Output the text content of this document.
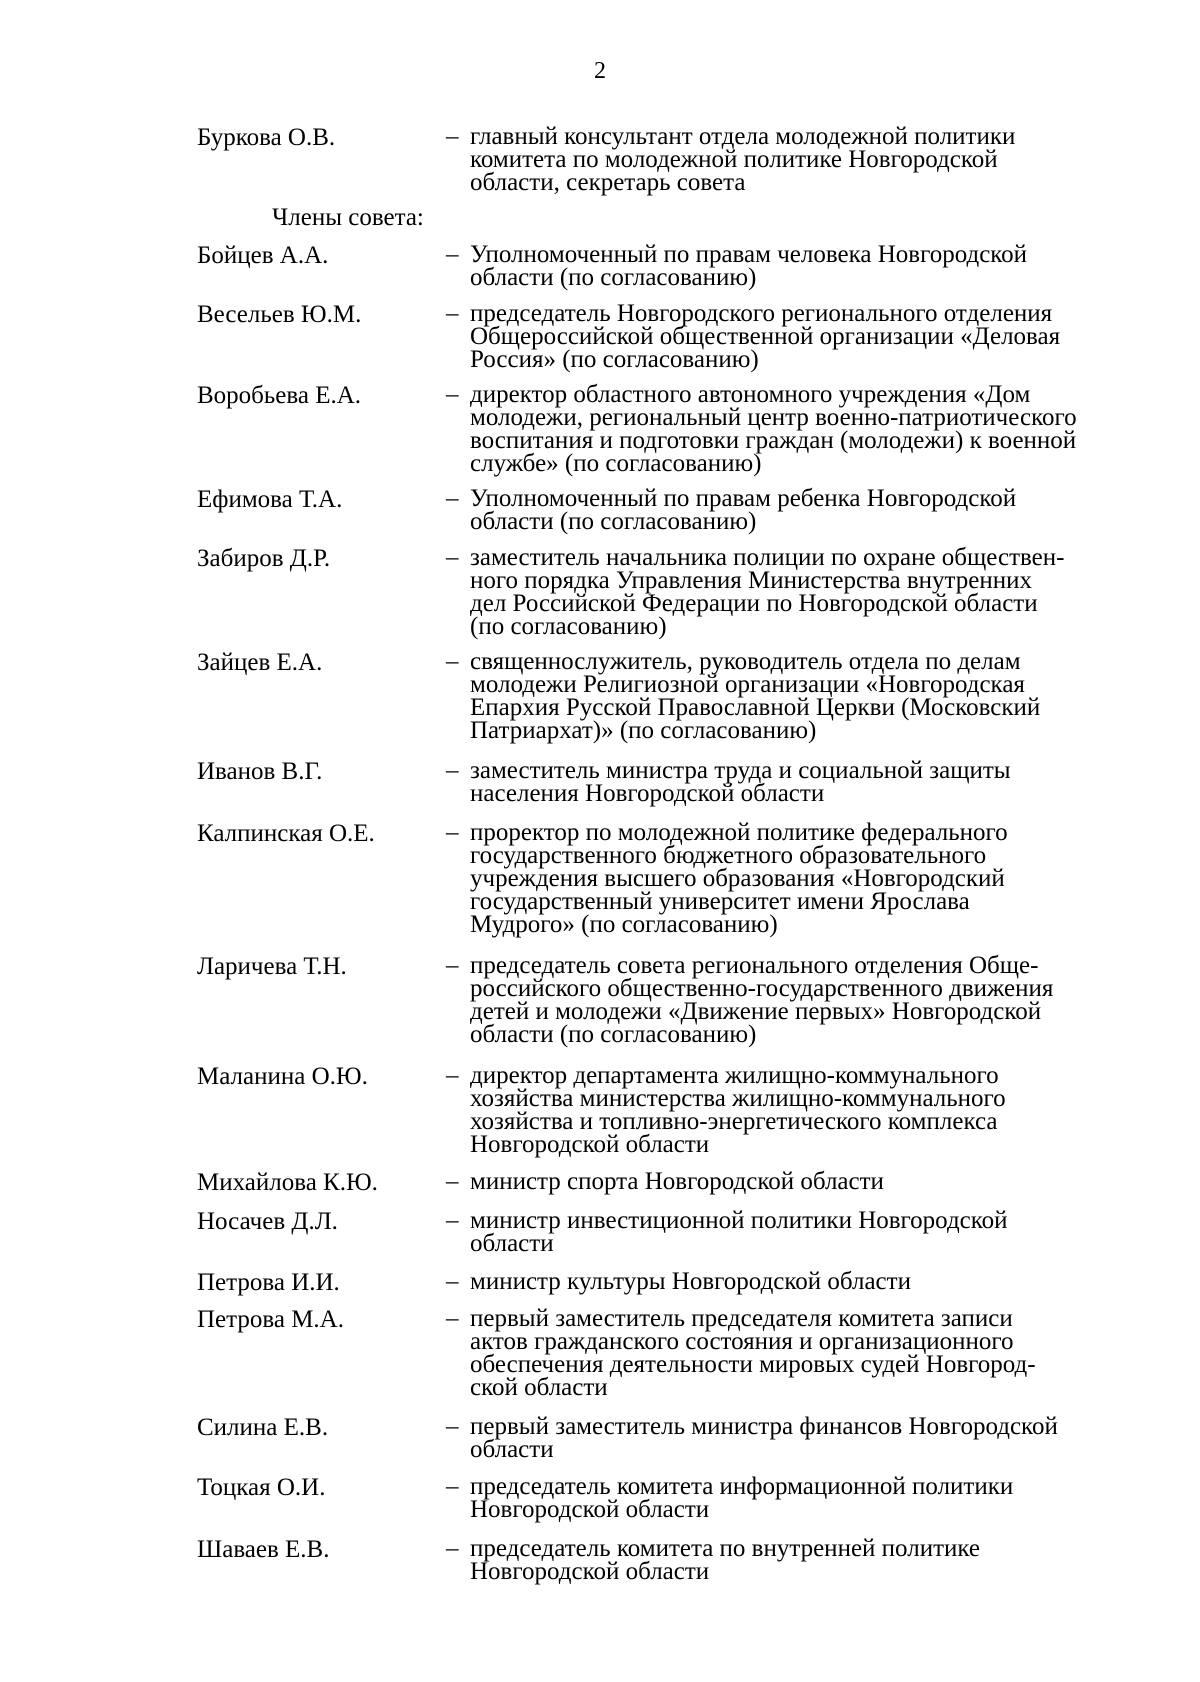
2
Буркова О.В.	– главный консультант отдела молодежной политики
комитета по молодежной политике Новгородской
области, секретарь совета
Члены совета:
Бойцев А.А.	– Уполномоченный по правам человека Новгородской
области (по согласованию)
Весельев Ю.М.	– председатель Новгородского регионального отделения
Общероссийской общественной организации «Деловая
Россия» (по согласованию)
Воробьева Е.А.	– директор областного автономного учреждения «Дом
молодежи, региональный центр военно-патриотического
воспитания и подготовки граждан (молодежи) к военной
службе» (по согласованию)
Ефимова Т.А.	– Уполномоченный по правам ребенка Новгородской
области (по согласованию)
Забиров Д.Р.	– заместитель начальника полиции по охране обществен-
ного порядка Управления Министерства внутренних
дел Российской Федерации по Новгородской области
(по согласованию)
Зайцев Е.А.	– священнослужитель, руководитель отдела по делам
молодежи Религиозной организации «Новгородская
Епархия Русской Православной Церкви (Московский
Патриархат)» (по согласованию)
Иванов В.Г.	– заместитель министра труда и социальной защиты
населения Новгородской области
Калпинская О.Е.	– проректор по молодежной политике федерального
государственного бюджетного образовательного
учреждения высшего образования «Новгородский
государственный университет имени Ярослава
Мудрого» (по согласованию)
Ларичева Т.Н.	– председатель совета регионального отделения Обще-
российского общественно-государственного движения
детей и молодежи «Движение первых» Новгородской
области (по согласованию)
Маланина О.Ю.	– директор департамента жилищно-коммунального
хозяйства министерства жилищно-коммунального
хозяйства и топливно-энергетического комплекса
Новгородской области
Михайлова К.Ю.	– министр спорта Новгородской области
Носачев Д.Л.	– министр инвестиционной политики Новгородской
области
Петрова И.И.	– министр культуры Новгородской области
Петрова М.А.	– первый заместитель председателя комитета записи
актов гражданского состояния и организационного
обеспечения деятельности мировых судей Новгород-
ской области
Силина Е.В.	– первый заместитель министра финансов Новгородской
области
Тоцкая О.И.	– председатель комитета информационной политики
Новгородской области
Шаваев Е.В.	– председатель комитета по внутренней политике
Новгородской области
